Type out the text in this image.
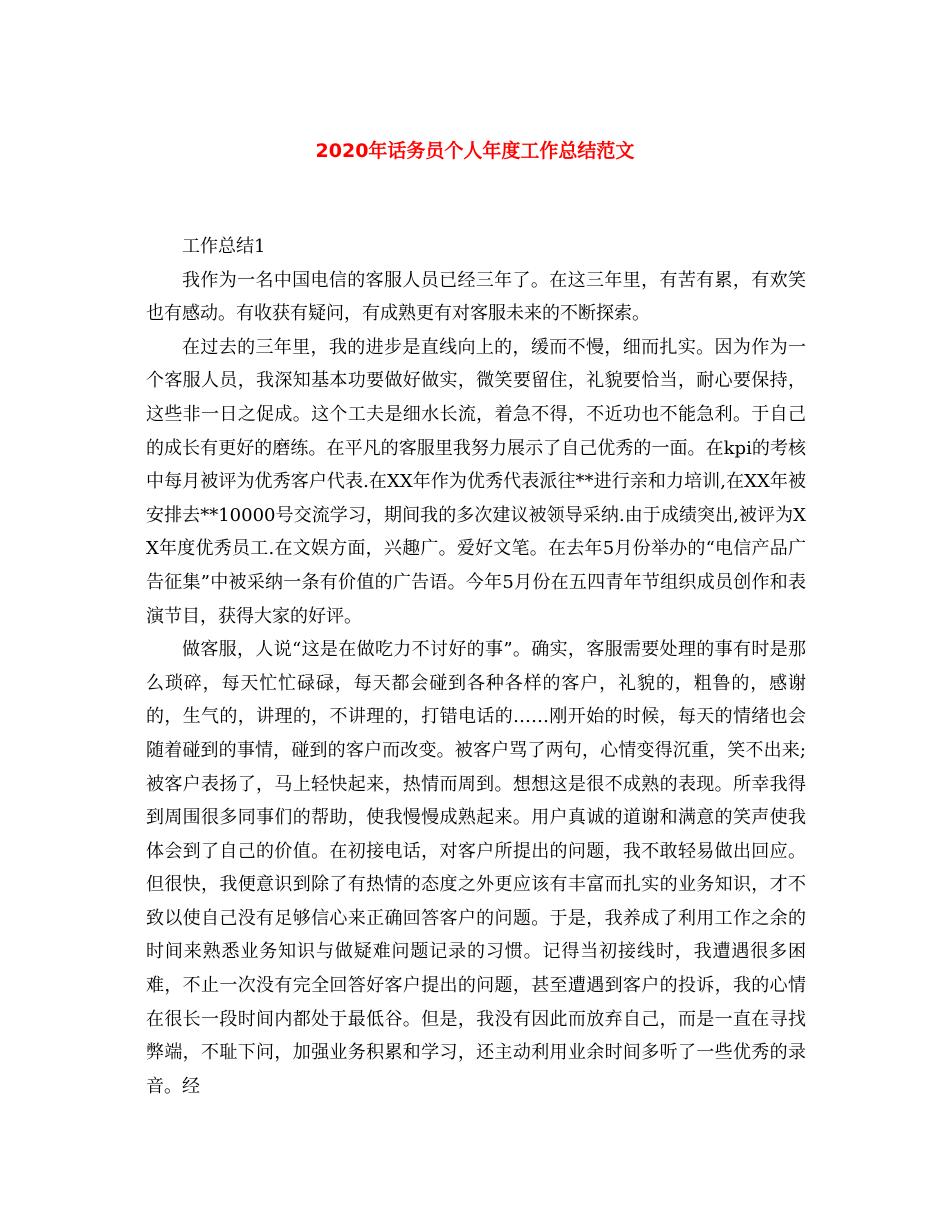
2020年话务员个人年度工作总结范文

工作总结1

我作为一名中国电信的客服人员已经三年了。在这三年里，有苦有累，有欢笑也有感动。有收获有疑问，有成熟更有对客服未来的不断探索。

在过去的三年里，我的进步是直线向上的，缓而不慢，细而扎实。因为作为一个客服人员，我深知基本功要做好做实，微笑要留住，礼貌要恰当，耐心要保持，这些非一日之促成。这个工夫是细水长流，着急不得，不近功也不能急利。于自己的成长有更好的磨练。在平凡的客服里我努力展示了自己优秀的一面。在kpi的考核中每月被评为优秀客户代表.在XX年作为优秀代表派往**进行亲和力培训,在XX年被安排去**10000号交流学习，期间我的多次建议被领导采纳.由于成绩突出,被评为XX年度优秀员工.在文娱方面，兴趣广。爱好文笔。在去年5月份举办的“电信产品广告征集”中被采纳一条有价值的广告语。今年5月份在五四青年节组织成员创作和表演节目，获得大家的好评。

做客服，人说“这是在做吃力不讨好的事”。确实，客服需要处理的事有时是那么琐碎，每天忙忙碌碌，每天都会碰到各种各样的客户，礼貌的，粗鲁的，感谢的，生气的，讲理的，不讲理的，打错电话的……刚开始的时候，每天的情绪也会随着碰到的事情，碰到的客户而改变。被客户骂了两句，心情变得沉重，笑不出来;被客户表扬了，马上轻快起来，热情而周到。想想这是很不成熟的表现。所幸我得到周围很多同事们的帮助，使我慢慢成熟起来。用户真诚的道谢和满意的笑声使我体会到了自己的价值。在初接电话，对客户所提出的问题，我不敢轻易做出回应。但很快，我便意识到除了有热情的态度之外更应该有丰富而扎实的业务知识，才不致以使自己没有足够信心来正确回答客户的问题。于是，我养成了利用工作之余的时间来熟悉业务知识与做疑难问题记录的习惯。记得当初接线时，我遭遇很多困难，不止一次没有完全回答好客户提出的问题，甚至遭遇到客户的投诉，我的心情在很长一段时间内都处于最低谷。但是，我没有因此而放弃自己，而是一直在寻找弊端，不耻下问，加强业务积累和学习，还主动利用业余时间多听了一些优秀的录音。经
